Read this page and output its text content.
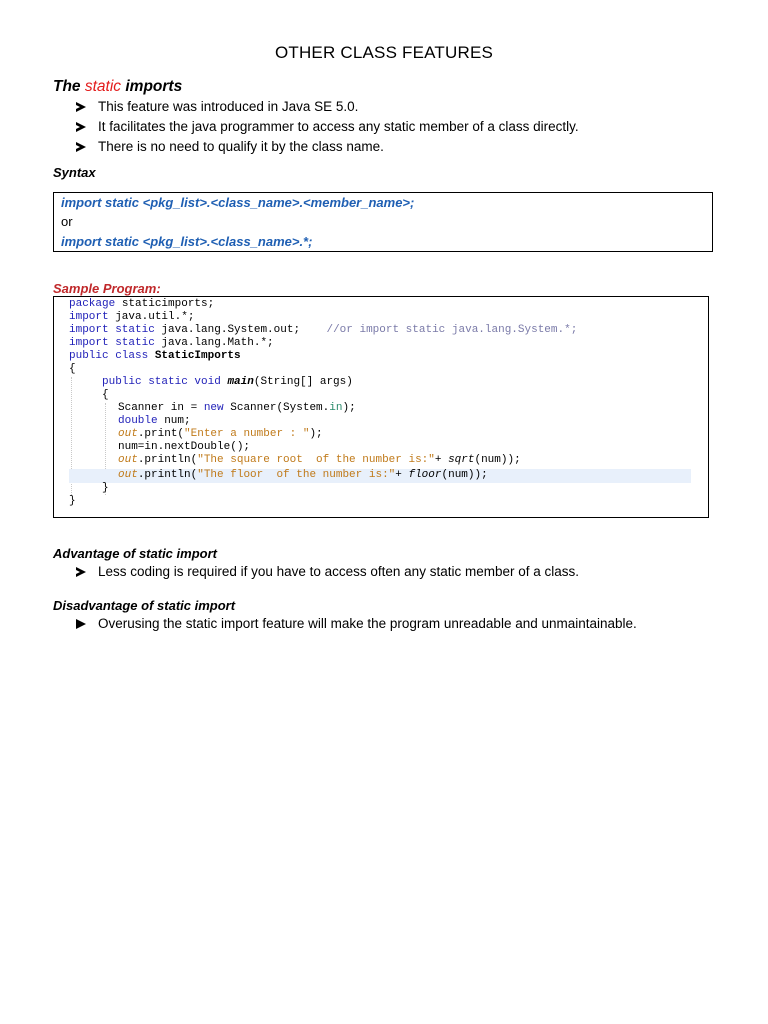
OTHER CLASS FEATURES
The static imports
This feature was introduced in Java SE 5.0.
It facilitates the java programmer to access any static member of a class directly.
There is no need to qualify it by the class name.
Syntax
import static <pkg_list>.<class_name>.<member_name>;
or
import static <pkg_list>.<class_name>.*;
Sample Program:
package staticimports;
import java.util.*;
import static java.lang.System.out; //or import static java.lang.System.*;
import static java.lang.Math.*;
public class StaticImports
{
public static void main(String[] args)
{
Scanner in = new Scanner(System.in);
double num;
out.print("Enter a number : ");
num=in.nextDouble();
out.println("The square root  of the number is:"+ sqrt(num));
out.println("The floor  of the number is:"+ floor(num));
}
}
Advantage of static import
Less coding is required if you have to access often any static member of a class.
Disadvantage of static import
Overusing the static import feature will make the program unreadable and unmaintainable.
